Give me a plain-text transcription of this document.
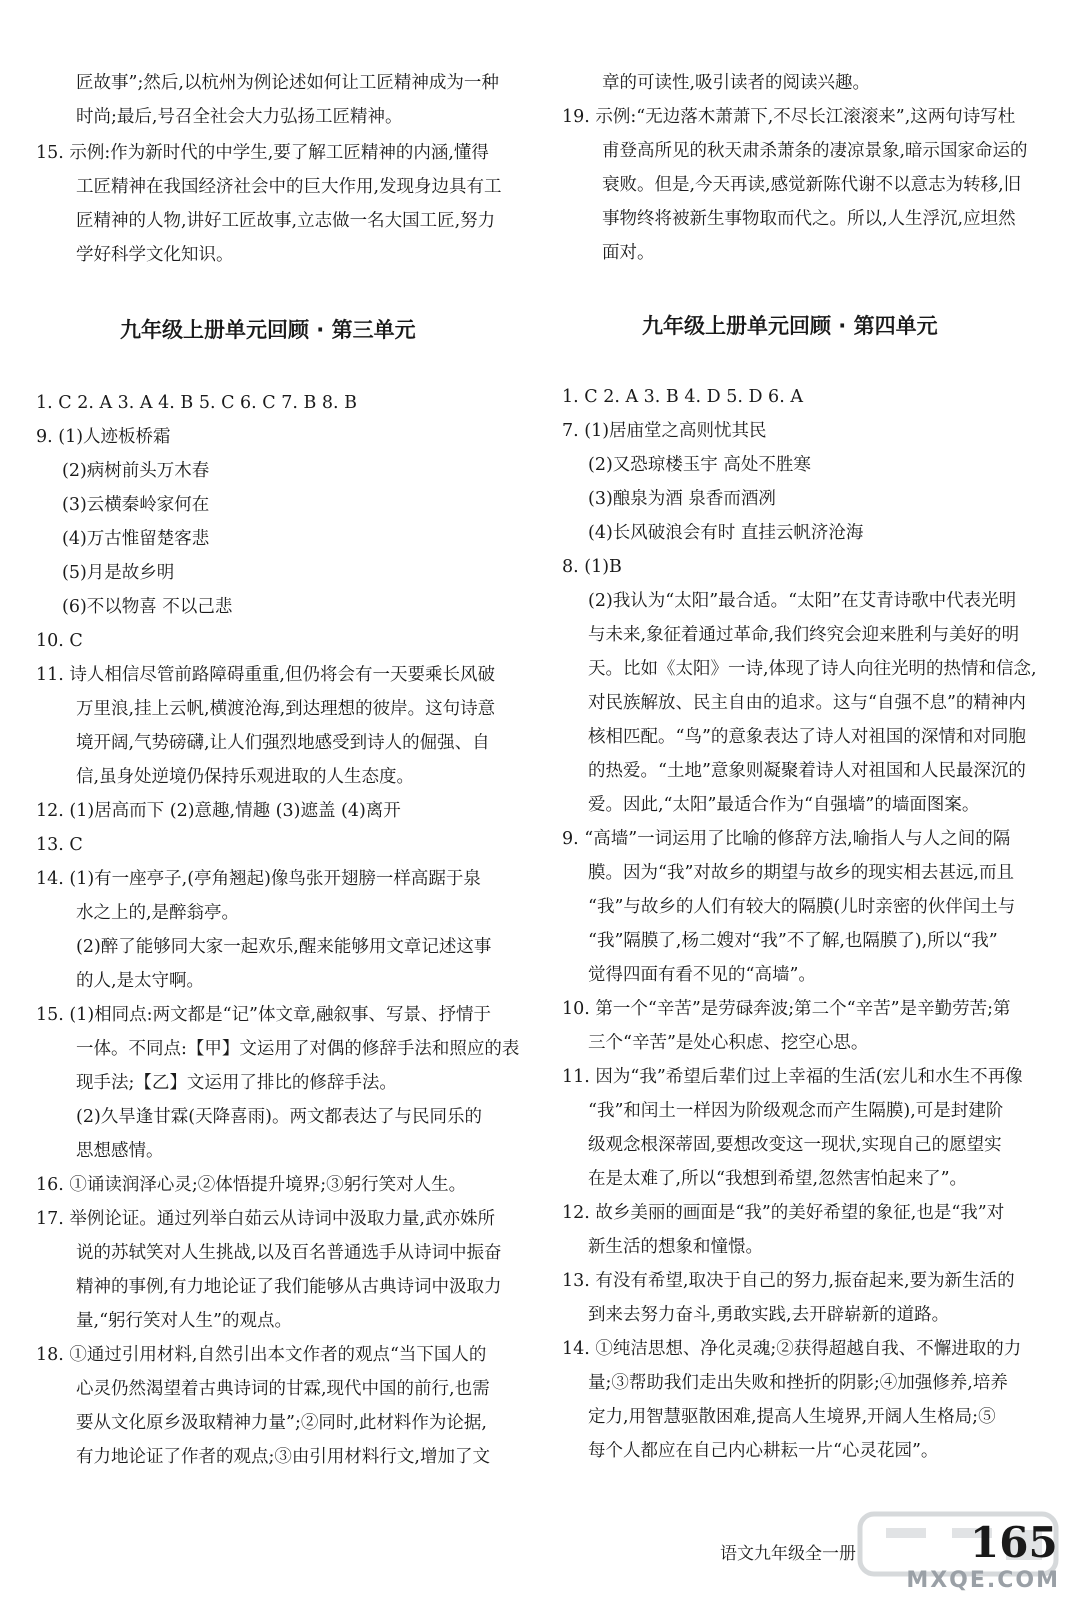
匠故事”;然后,以杭州为例论述如何让工匠精神成为一种
时尚;最后,号召全社会大力弘扬工匠精神。
15. 示例:作为新时代的中学生,要了解工匠精神的内涵,懂得
工匠精神在我国经济社会中的巨大作用,发现身边具有工
匠精神的人物,讲好工匠故事,立志做一名大国工匠,努力
学好科学文化知识。
九年级上册单元回顾 · 第三单元
1. C 2. A 3. A 4. B 5. C 6. C 7. B 8. B
9. (1)人迹板桥霜
(2)病树前头万木春
(3)云横秦岭家何在
(4)万古惟留楚客悲
(5)月是故乡明
(6)不以物喜 不以己悲
10. C
11. 诗人相信尽管前路障碍重重,但仍将会有一天要乘长风破
万里浪,挂上云帆,横渡沧海,到达理想的彼岸。这句诗意
境开阔,气势磅礴,让人们强烈地感受到诗人的倔强、自
信,虽身处逆境仍保持乐观进取的人生态度。
12. (1)居高而下 (2)意趣,情趣 (3)遮盖 (4)离开
13. C
14. (1)有一座亭子,(亭角翘起)像鸟张开翅膀一样高踞于泉
水之上的,是醉翁亭。
(2)醉了能够同大家一起欢乐,醒来能够用文章记述这事
的人,是太守啊。
15. (1)相同点:两文都是“记”体文章,融叙事、写景、抒情于
一体。不同点:【甲】文运用了对偶的修辞手法和照应的表
现手法;【乙】文运用了排比的修辞手法。
(2)久旱逢甘霖(天降喜雨)。两文都表达了与民同乐的
思想感情。
16. ①诵读润泽心灵;②体悟提升境界;③躬行笑对人生。
17. 举例论证。通过列举白茹云从诗词中汲取力量,武亦姝所
说的苏轼笑对人生挑战,以及百名普通选手从诗词中振奋
精神的事例,有力地论证了我们能够从古典诗词中汲取力
量,“躬行笑对人生”的观点。
18. ①通过引用材料,自然引出本文作者的观点“当下国人的
心灵仍然渴望着古典诗词的甘霖,现代中国的前行,也需
要从文化原乡汲取精神力量”;②同时,此材料作为论据,
有力地论证了作者的观点;③由引用材料行文,增加了文
章的可读性,吸引读者的阅读兴趣。
19. 示例:“无边落木萧萧下,不尽长江滚滚来”,这两句诗写杜
甫登高所见的秋天肃杀萧条的凄凉景象,暗示国家命运的
衰败。但是,今天再读,感觉新陈代谢不以意志为转移,旧
事物终将被新生事物取而代之。所以,人生浮沉,应坦然
面对。
九年级上册单元回顾 · 第四单元
1. C 2. A 3. B 4. D 5. D 6. A
7. (1)居庙堂之高则忧其民
(2)又恐琼楼玉宇 高处不胜寒
(3)酿泉为酒 泉香而酒冽
(4)长风破浪会有时 直挂云帆济沧海
8. (1)B
(2)我认为“太阳”最合适。“太阳”在艾青诗歌中代表光明
与未来,象征着通过革命,我们终究会迎来胜利与美好的明
天。比如《太阳》一诗,体现了诗人向往光明的热情和信念,
对民族解放、民主自由的追求。这与“自强不息”的精神内
核相匹配。“鸟”的意象表达了诗人对祖国的深情和对同胞
的热爱。“土地”意象则凝聚着诗人对祖国和人民最深沉的
爱。因此,“太阳”最适合作为“自强墙”的墙面图案。
9. “高墙”一词运用了比喻的修辞方法,喻指人与人之间的隔
膜。因为“我”对故乡的期望与故乡的现实相去甚远,而且
“我”与故乡的人们有较大的隔膜(儿时亲密的伙伴闰土与
“我”隔膜了,杨二嫂对“我”不了解,也隔膜了),所以“我”
觉得四面有看不见的“高墙”。
10. 第一个“辛苦”是劳碌奔波;第二个“辛苦”是辛勤劳苦;第
三个“辛苦”是处心积虑、挖空心思。
11. 因为“我”希望后辈们过上幸福的生活(宏儿和水生不再像
“我”和闰土一样因为阶级观念而产生隔膜),可是封建阶
级观念根深蒂固,要想改变这一现状,实现自己的愿望实
在是太难了,所以“我想到希望,忽然害怕起来了”。
12. 故乡美丽的画面是“我”的美好希望的象征,也是“我”对
新生活的想象和憧憬。
13. 有没有希望,取决于自己的努力,振奋起来,要为新生活的
到来去努力奋斗,勇敢实践,去开辟崭新的道路。
14. ①纯洁思想、净化灵魂;②获得超越自我、不懈进取的力
量;③帮助我们走出失败和挫折的阴影;④加强修养,培养
定力,用智慧驱散困难,提高人生境界,开阔人生格局;⑤
每个人都应在自己内心耕耘一片“心灵花园”。
语文九年级全一册	165
MXQE.COM
